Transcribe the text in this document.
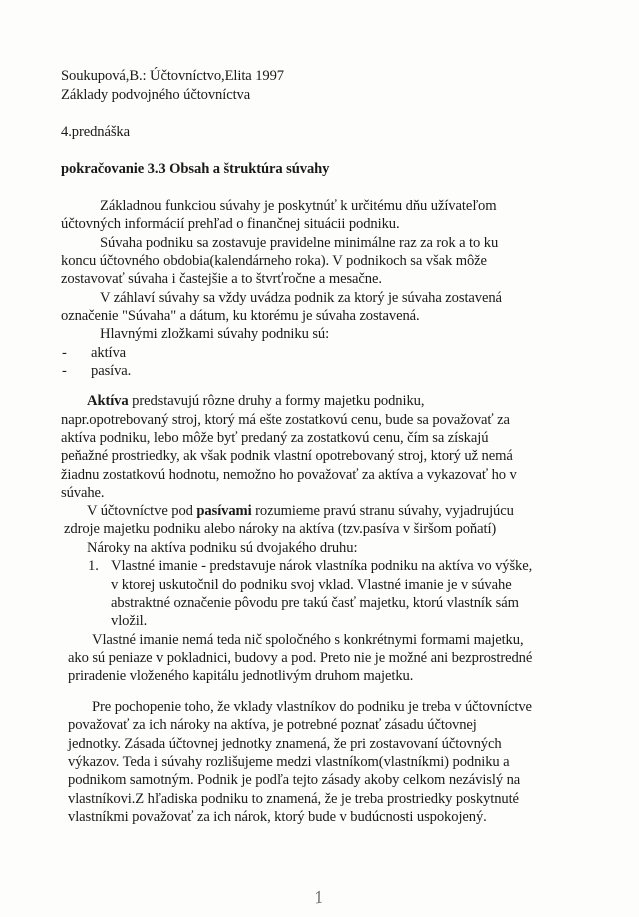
Soukupová,B.: Účtovníctvo,Elita 1997
Základy podvojného účtovníctva
4.prednáška
pokračovanie 3.3 Obsah a štruktúra súvahy
Základnou funkciou súvahy je poskytnúť k určitému dňu užívateľom
účtovných informácií prehľad o finančnej situácii podniku.
Súvaha podniku sa zostavuje pravidelne minimálne raz za rok a to ku
koncu účtovného obdobia(kalendárneho roka). V podnikoch sa však môže
zostavovať súvaha i častejšie a to štvrťročne a mesačne.
V záhlaví súvahy sa vždy uvádza podnik za ktorý je súvaha zostavená
označenie "Súvaha" a dátum, ku ktorému je súvaha zostavená.
Hlavnými zložkami súvahy podniku sú:
- aktíva
- pasíva.
Aktíva predstavujú rôzne druhy a formy majetku podniku,
napr.opotrebovaný stroj, ktorý má ešte zostatkovú cenu, bude sa považovať za
aktíva podniku, lebo môže byť predaný za zostatkovú cenu, čím sa získajú
peňažné prostriedky, ak však podnik vlastní opotrebovaný stroj, ktorý už nemá
žiadnu zostatkovú hodnotu, nemožno ho považovať za aktíva a vykazovať ho v
súvahe.
V účtovníctve pod pasívami rozumieme pravú stranu súvahy, vyjadrujúcu
zdroje majetku podniku alebo nároky na aktíva (tzv.pasíva v širšom poňatí)
Nároky na aktíva podniku sú dvojakého druhu:
1. Vlastné imanie - predstavuje nárok vlastníka podniku na aktíva vo výške,
v ktorej uskutočnil do podniku svoj vklad. Vlastné imanie je v súvahe
abstraktné označenie pôvodu pre takú časť majetku, ktorú vlastník sám
vložil.
Vlastné imanie nemá teda nič spoločného s konkrétnymi formami majetku,
ako sú peniaze v pokladnici, budovy a pod. Preto nie je možné ani bezprostredné
priradenie vloženého kapitálu jednotlivým druhom majetku.
Pre pochopenie toho, že vklady vlastníkov do podniku je treba v účtovníctve
považovať za ich nároky na aktíva, je potrebné poznať zásadu účtovnej
jednotky. Zásada účtovnej jednotky znamená, že pri zostavovaní účtovných
výkazov. Teda i súvahy rozlišujeme medzi vlastníkom(vlastníkmi) podniku a
podnikom samotným. Podnik je podľa tejto zásady akoby celkom nezávislý na
vlastníkovi.Z hľadiska podniku to znamená, že je treba prostriedky poskytnuté
vlastníkmi považovať za ich nárok, ktorý bude v budúcnosti uspokojený.
1
